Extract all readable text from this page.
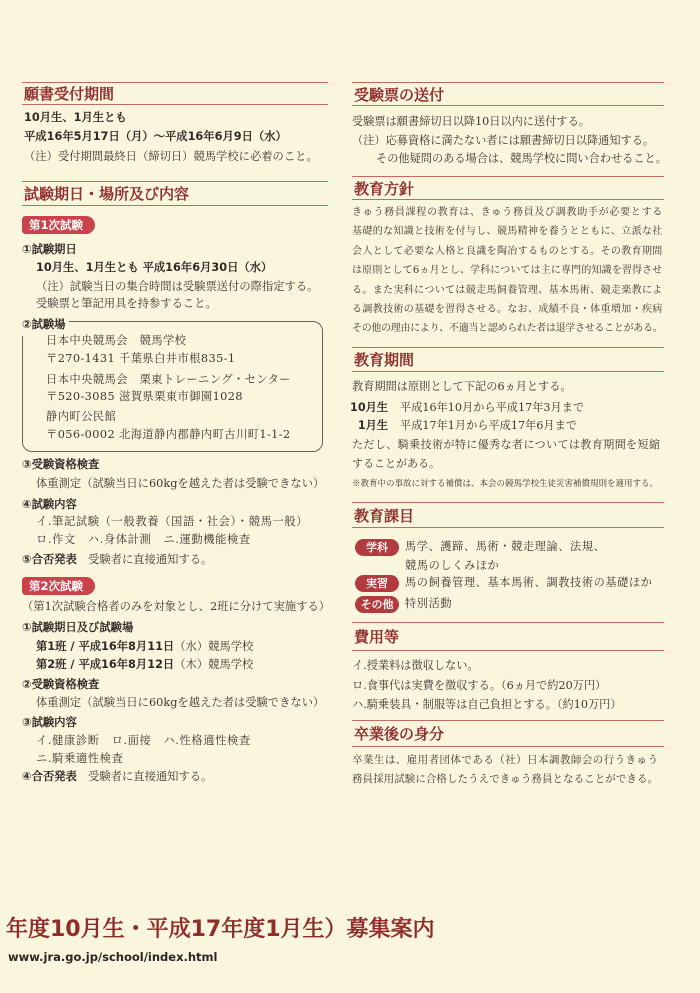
願書受付期間
10月生、1月生とも
平成16年5月17日（月）～平成16年6月9日（水）
（注）受付期間最終日（締切日）競馬学校に必着のこと。
試験期日・場所及び内容
第1次試験
①試験期日
10月生、1月生とも 平成16年6月30日（水）
（注）試験当日の集合時間は受験票送付の際指定する。
受験票と筆記用具を持参すること。
②試験場
日本中央競馬会　競馬学校
〒270-1431 千葉県白井市根835-1
日本中央競馬会　栗東トレーニング・センター
〒520-3085 滋賀県栗東市御園1028
静内町公民館
〒056-0002 北海道静内郡静内町古川町1-1-2
③受験資格検査
体重測定（試験当日に60kgを越えた者は受験できない）
④試験内容
イ.筆記試験（一般教養（国語・社会）・競馬一般）
ロ.作文　ハ.身体計測　ニ.運動機能検査
⑤合否発表　 受験者に直接通知する。
第2次試験
（第1次試験合格者のみを対象とし、2班に分けて実施する）
①試験期日及び試験場
第1班 / 平成16年8月11日（水）競馬学校
第2班 / 平成16年8月12日（木）競馬学校
②受験資格検査
体重測定（試験当日に60kgを越えた者は受験できない）
③試験内容
イ.健康診断　ロ.面接　ハ.性格適性検査
ニ.騎乗適性検査
④合否発表　 受験者に直接通知する。
受験票の送付
受験票は願書締切日以降10日以内に送付する。
（注）応募資格に満たない者には願書締切日以降通知する。
その他疑問のある場合は、競馬学校に問い合わせること。
教育方針
きゅう務員課程の教育は、きゅう務員及び調教助手が必要とする
基礎的な知識と技術を付与し、競馬精神を養うとともに、立派な社
会人として必要な人格と良識を陶冶するものとする。その教育期間
は原則として6ヵ月とし、学科については主に専門的知識を習得させ
る。また実科については競走馬飼養管理、基本馬術、競走楽教によ
る調教技術の基礎を習得させる。なお、成績不良・体重増加・疾病
その他の理由により、不適当と認められた者は退学させることがある。
教育期間
教育期間は原則として下記の6ヵ月とする。
10月生 平成16年10月から平成17年3月まで
1月生 平成17年1月から平成17年6月まで
ただし、騎乗技術が特に優秀な者については教育期間を短縮
することがある。
※教育中の事故に対する補償は、本会の競馬学校生徒災害補償規則を適用する。
教育課目
学科	馬学、護蹄、馬術・競走理論、法規、
競馬のしくみほか
実習	馬の飼養管理、基本馬術、調教技術の基礎ほか
その他	特別活動
費用等
イ.授業料は徴収しない。
ロ.食事代は実費を徴収する。（6ヵ月で約20万円）
ハ.騎乗装具・制服等は自己負担とする。（約10万円）
卒業後の身分
卒業生は、雇用者団体である（社）日本調教師会の行うきゅう
務員採用試験に合格したうえできゅう務員となることができる。
年度10月生・平成17年度1月生）募集案内
www.jra.go.jp/school/index.html
